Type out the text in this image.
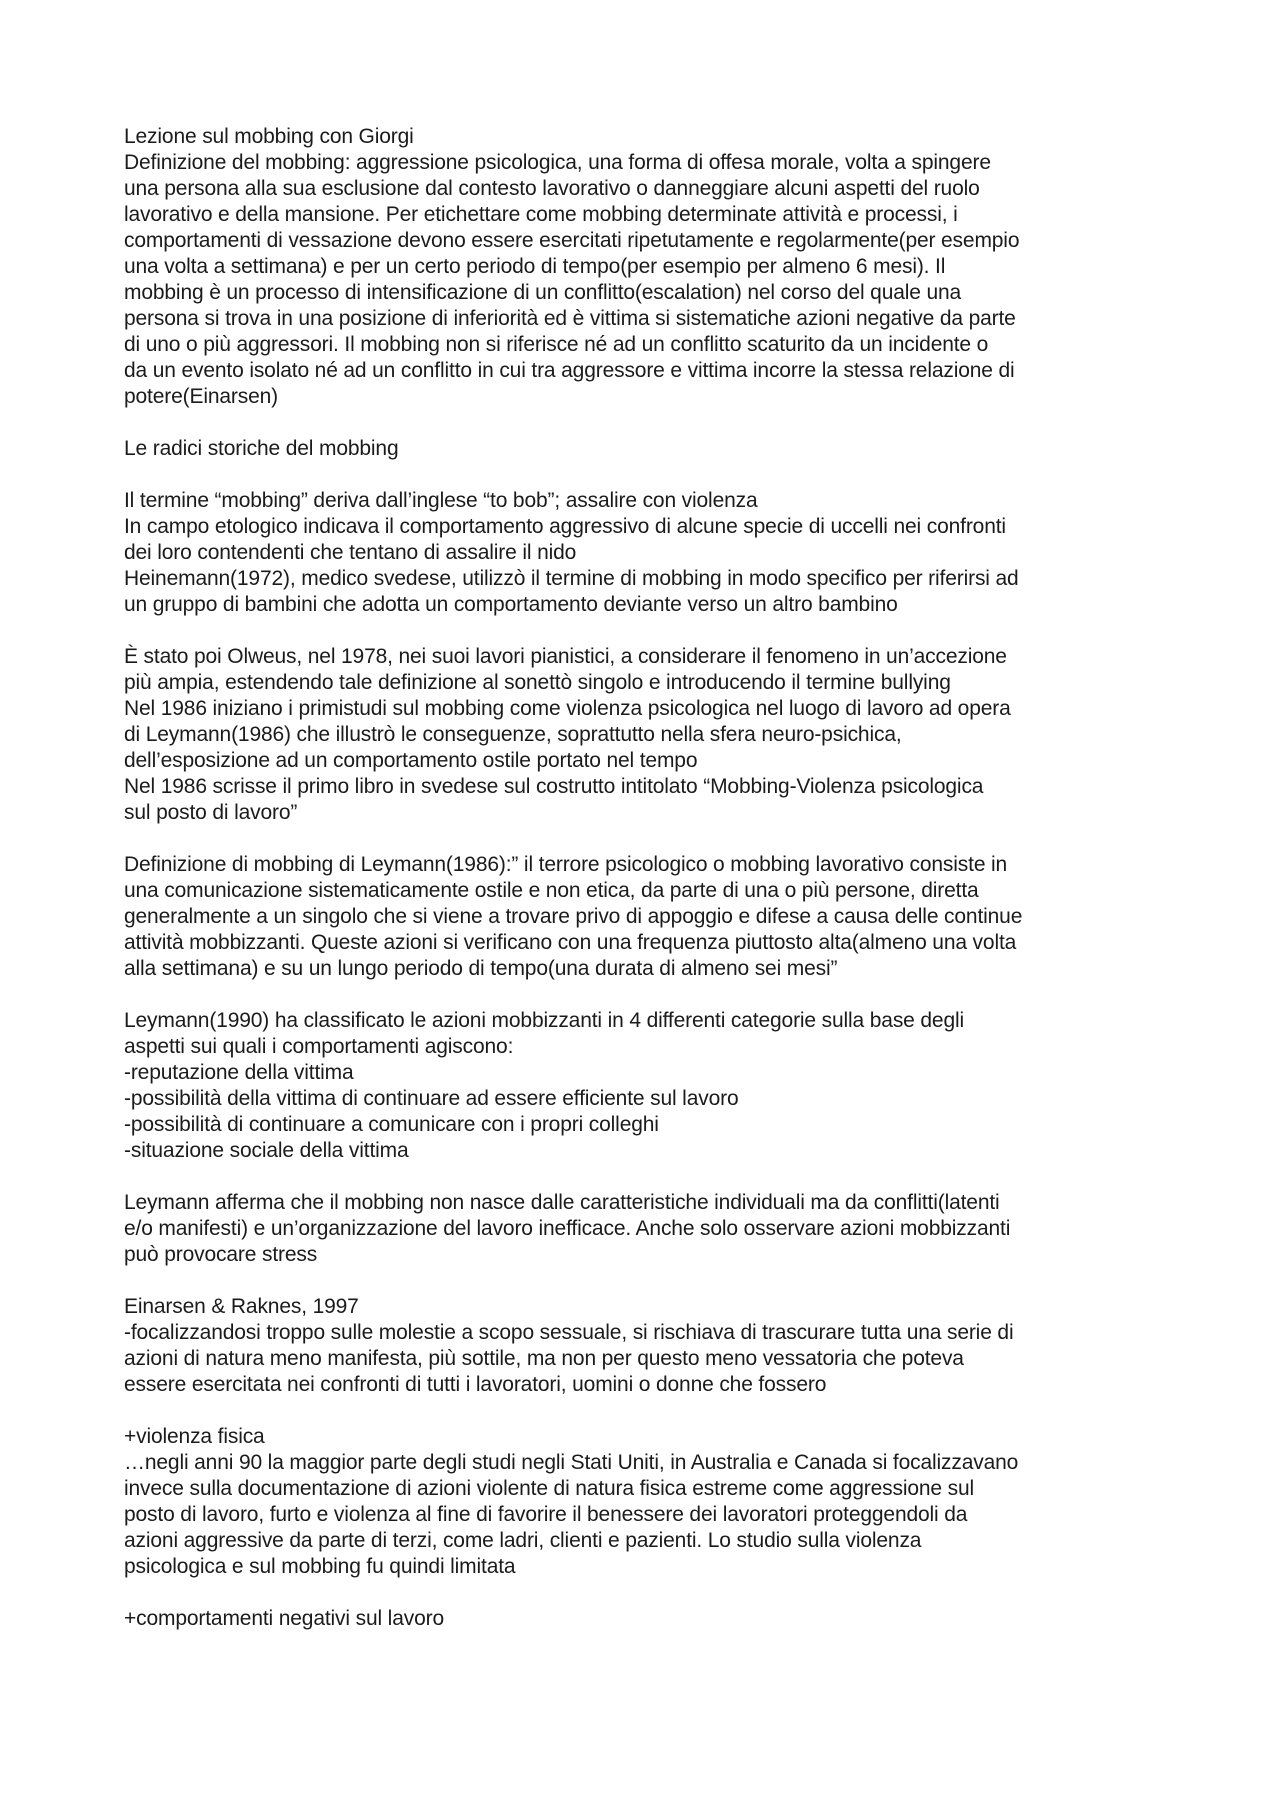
Lezione sul mobbing con Giorgi
Definizione del mobbing: aggressione psicologica, una forma di offesa morale, volta a spingere
una persona alla sua esclusione dal contesto lavorativo o danneggiare alcuni aspetti del ruolo
lavorativo e della mansione. Per etichettare come mobbing determinate attività e processi, i
comportamenti di vessazione devono essere esercitati ripetutamente e regolarmente(per esempio
una volta a settimana) e per un certo periodo di tempo(per esempio per almeno 6 mesi). Il
mobbing è un processo di intensificazione di un conflitto(escalation) nel corso del quale una
persona si trova in una posizione di inferiorità ed è vittima si sistematiche azioni negative da parte
di uno o più aggressori. Il mobbing non si riferisce né ad un conflitto scaturito da un incidente o
da un evento isolato né ad un conflitto in cui tra aggressore e vittima incorre la stessa relazione di
potere(Einarsen)
Le radici storiche del mobbing
Il termine “mobbing” deriva dall’inglese “to bob”; assalire con violenza
In campo etologico indicava il comportamento aggressivo di alcune specie di uccelli nei confronti
dei loro contendenti che tentano di assalire il nido
Heinemann(1972), medico svedese, utilizzò il termine di mobbing in modo specifico per riferirsi ad
un gruppo di bambini che adotta un comportamento deviante verso un altro bambino
È stato poi Olweus, nel 1978, nei suoi lavori pianistici, a considerare il fenomeno in un’accezione
più ampia, estendendo tale definizione al sonettò singolo e introducendo il termine bullying
Nel 1986 iniziano i primistudi sul mobbing come violenza psicologica nel luogo di lavoro ad opera
di Leymann(1986) che illustrò le conseguenze, soprattutto nella sfera neuro-psichica,
dell’esposizione ad un comportamento ostile portato nel tempo
Nel 1986 scrisse il primo libro in svedese sul costrutto intitolato “Mobbing-Violenza psicologica
sul posto di lavoro”
Definizione di mobbing di Leymann(1986):” il terrore psicologico o mobbing lavorativo consiste in
una comunicazione sistematicamente ostile e non etica, da parte di una o più persone, diretta
generalmente a un singolo che si viene a trovare privo di appoggio e difese a causa delle continue
attività mobbizzanti. Queste azioni si verificano con una frequenza piuttosto alta(almeno una volta
alla settimana) e su un lungo periodo di tempo(una durata di almeno sei mesi”
Leymann(1990) ha classificato le azioni mobbizzanti in 4 differenti categorie sulla base degli
aspetti sui quali i comportamenti agiscono:
-reputazione della vittima
-possibilità della vittima di continuare ad essere efficiente sul lavoro
-possibilità di continuare a comunicare con i propri colleghi
-situazione sociale della vittima
Leymann afferma che il mobbing non nasce dalle caratteristiche individuali ma da conflitti(latenti
e/o manifesti) e un’organizzazione del lavoro inefficace. Anche solo osservare azioni mobbizzanti
può provocare stress
Einarsen & Raknes, 1997
-focalizzandosi troppo sulle molestie a scopo sessuale, si rischiava di trascurare tutta una serie di
azioni di natura meno manifesta, più sottile, ma non per questo meno vessatoria che poteva
essere esercitata nei confronti di tutti i lavoratori, uomini o donne che fossero
+violenza fisica
…negli anni 90 la maggior parte degli studi negli Stati Uniti, in Australia e Canada si focalizzavano
invece sulla documentazione di azioni violente di natura fisica estreme come aggressione sul
posto di lavoro, furto e violenza al fine di favorire il benessere dei lavoratori proteggendoli da
azioni aggressive da parte di terzi, come ladri, clienti e pazienti. Lo studio sulla violenza
psicologica e sul mobbing fu quindi limitata
+comportamenti negativi sul lavoro
